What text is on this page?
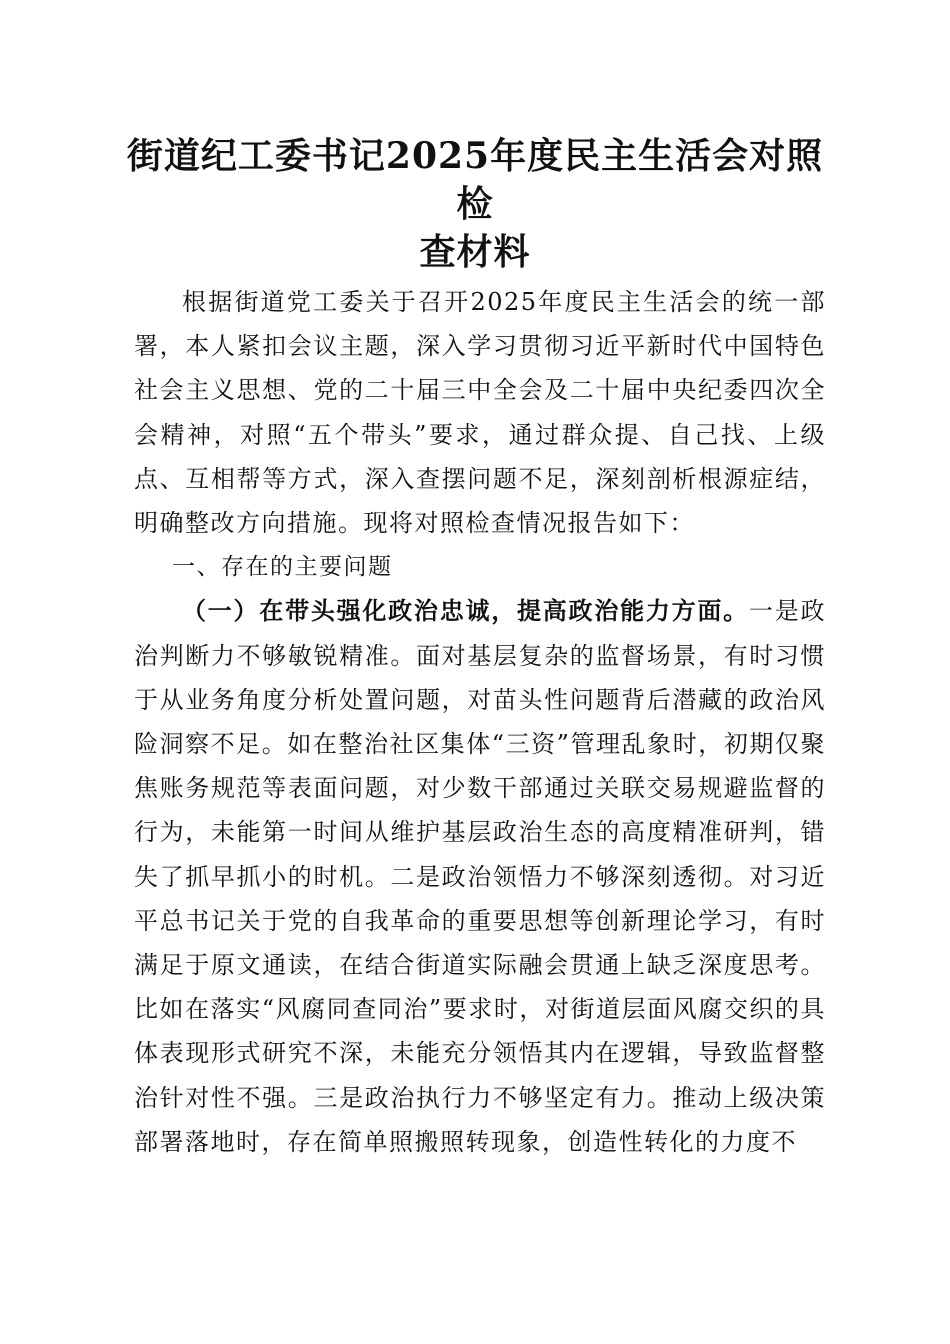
街道纪工委书记2025年度民主生活会对照检
查材料

根据街道党工委关于召开2025年度民主生活会的统一部署，本人紧扣会议主题，深入学习贯彻习近平新时代中国特色社会主义思想、党的二十届三中全会及二十届中央纪委四次全会精神，对照“五个带头”要求，通过群众提、自己找、上级点、互相帮等方式，深入查摆问题不足，深刻剖析根源症结，明确整改方向措施。现将对照检查情况报告如下：

一、存在的主要问题

（一）在带头强化政治忠诚，提高政治能力方面。一是政治判断力不够敏锐精准。面对基层复杂的监督场景，有时习惯于从业务角度分析处置问题，对苗头性问题背后潜藏的政治风险洞察不足。如在整治社区集体“三资”管理乱象时，初期仅聚焦账务规范等表面问题，对少数干部通过关联交易规避监督的行为，未能第一时间从维护基层政治生态的高度精准研判，错失了抓早抓小的时机。二是政治领悟力不够深刻透彻。对习近平总书记关于党的自我革命的重要思想等创新理论学习，有时满足于原文通读，在结合街道实际融会贯通上缺乏深度思考。比如在落实“风腐同查同治”要求时，对街道层面风腐交织的具体表现形式研究不深，未能充分领悟其内在逻辑，导致监督整治针对性不强。三是政治执行力不够坚定有力。推动上级决策部署落地时，存在简单照搬照转现象，创造性转化的力度不
